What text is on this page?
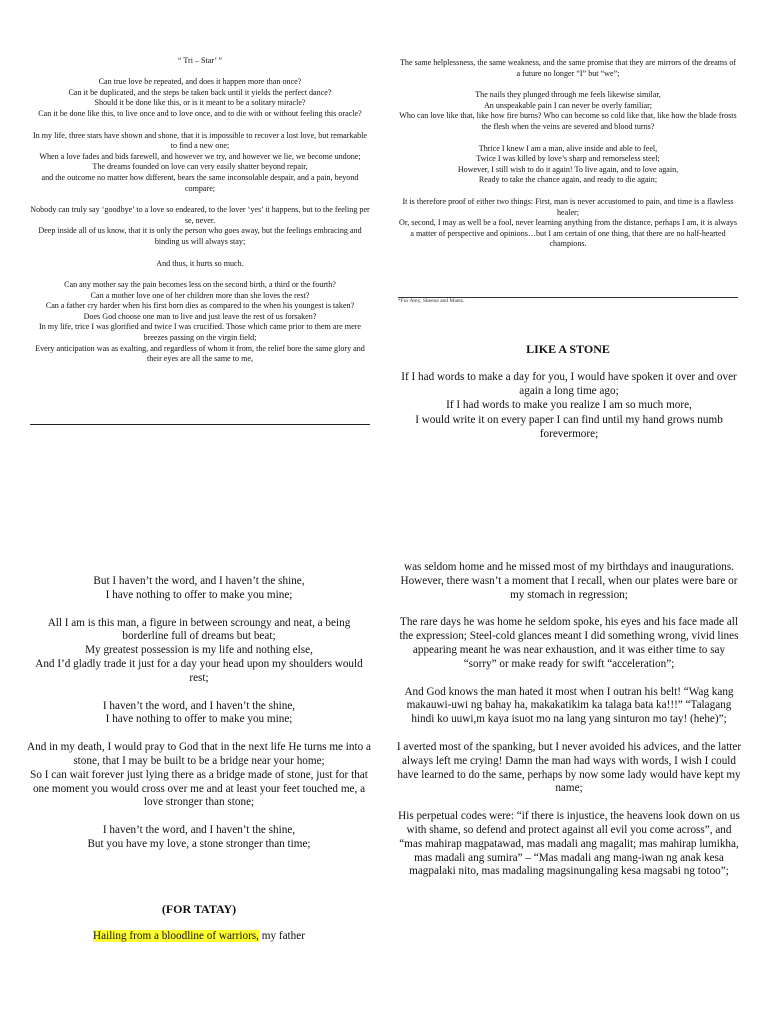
“ Tri – Star’ ”

Can true love be repeated, and does it happen more than once?

Can it be duplicated, and the steps be taken back until it yields the perfect dance?

Should it be done like this, or is it meant to be a solitary miracle?

Can it be done like this, to live once and to love once, and to die with or without feeling this oracle?

In my life, three stars have shown and shone, that it is impossible to recover a lost love, but remarkable to find a new one;

When a love fades and bids farewell, and however we try, and however we lie, we become undone;

The dreams founded on love can very easily shatter beyond repair,

and the outcome no matter how different, bears the same inconsolable despair, and a pain, beyond compare;

Nobody can truly say ‘goodbye’ to a love so endeared, to the lover ‘yes’ it happens, but to the feeling per se, never.

Deep inside all of us know, that it is only the person who goes away, but the feelings embracing and binding us will always stay;

And thus, it hurts so much.

Can any mother say the pain becomes less on the second birth, a third or the fourth?

Can a mother love one of her children more than she loves the rest?

Can a father cry harder when his first born dies as compared to the when his youngest is taken?

Does God choose one man to live and just leave the rest of us forsaken?

In my life, trice I was glorified and twice I was crucified. Those which came prior to them are mere breezes passing on the virgin field;

Every anticipation was as exalting, and regardless of whom it from, the relief bore the same glory and their eyes are all the same to me,

The same helplessness, the same weakness, and the same promise that they are mirrors of the dreams of a future no longer “I” but “we”;

The nails they plunged through me feels likewise similar,

An unspeakable pain I can never be overly familiar;

Who can love like that, like how fire burns? Who can become so cold like that, like how the blade frosts the flesh when the veins are severed and blood turns?

Thrice I knew I am a man, alive inside and able to feel,

Twice I was killed by love’s sharp and remorseless steel;

However, I still wish to do it again! To live again, and to love again,

Ready to take the chance again, and ready to die again;

It is therefore proof of either two things: First, man is never accustomed to pain, and time is a flawless healer;

Or, second, I may as well be a fool, never learning anything from the distance, perhaps I am, it is always a matter of perspective and opinions…but I am certain of one thing, that there are no half-hearted champions.

*For Amy, Sheena and Maetz.
LIKE A STONE

If I had words to make a day for you, I would have spoken it over and over again a long time ago;

If I had words to make you realize I am so much more,

I would write it on every paper I can find until my hand grows numb forevermore;

But I haven’t the word, and I haven’t the shine,

I have nothing to offer to make you mine;

All I am is this man, a figure in between scroungy and neat, a being borderline full of dreams but beat;

My greatest possession is my life and nothing else,

And I’d gladly trade it just for a day your head upon my shoulders would rest;

I haven’t the word, and I haven’t the shine,

I have nothing to offer to make you mine;

And in my death, I would pray to God that in the next life He turns me into a stone, that I may be built to be a bridge near your home;

So I can wait forever just lying there as a bridge made of stone, just for that one moment you would cross over me and at least your feet touched me, a love stronger than stone;

I haven’t the word, and I haven’t the shine,

But you have my love, a stone stronger than time;

(FOR TATAY)
Hailing from a bloodline of warriors, my father

was seldom home and he missed most of my birthdays and inaugurations. However, there wasn’t a moment that I recall, when our plates were bare or my stomach in regression;

The rare days he was home he seldom spoke, his eyes and his face made all the expression; Steel-cold glances meant I did something wrong, vivid lines appearing meant he was near exhaustion, and it was either time to say “sorry” or make ready for swift “acceleration”;

And God knows the man hated it most when I outran his belt! “Wag kang makauwi-uwi ng bahay ha, makakatikim ka talaga bata ka!!!” “Talagang hindi ko uuwi,m kaya isuot mo na lang yang sinturon mo tay! (hehe)”;

I averted most of the spanking, but I never avoided his advices, and the latter always left me crying! Damn the man had ways with words, I wish I could have learned to do the same, perhaps by now some lady would have kept my name;

His perpetual codes were: “if there is injustice, the heavens look down on us with shame, so defend and protect against all evil you come across”, and “mas mahirap magpatawad, mas madali ang magalit; mas mahirap lumikha, mas madali ang sumira” – “Mas madali ang mang-iwan ng anak kesa magpalaki nito, mas madaling magsinungaling kesa magsabi ng totoo”;
